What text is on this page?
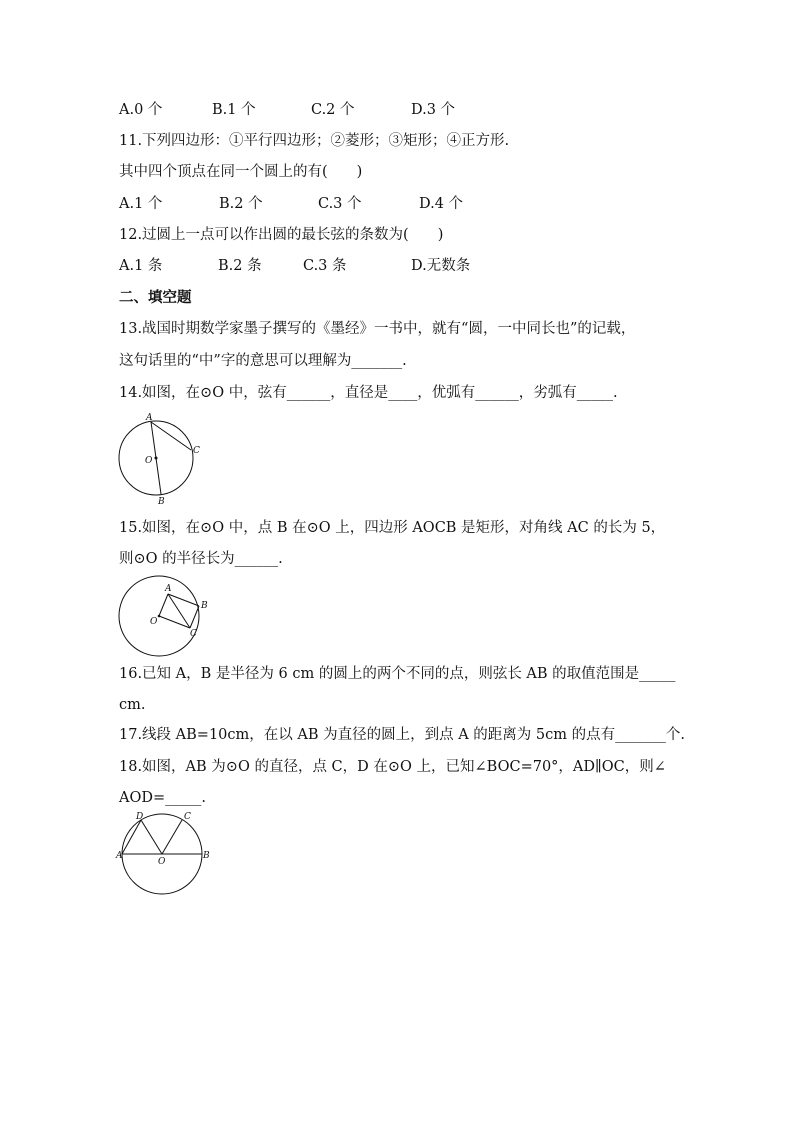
A.0 个	B.1 个	C.2 个	D.3 个
11.下列四边形：①平行四边形；②菱形；③矩形；④正方形.
其中四个顶点在同一个圆上的有(　　)
A.1 个	B.2 个	C.3 个	D.4 个
12.过圆上一点可以作出圆的最长弦的条数为(　　)
A.1 条	B.2 条	C.3 条	D.无数条
二、填空题
13.战国时期数学家墨子撰写的《墨经》一书中，就有“圆，一中同长也”的记载，
这句话里的“中”字的意思可以理解为_______.
14.如图，在⊙O 中，弦有______，直径是____，优弧有______，劣弧有_____.
A
C
O
B
15.如图，在⊙O 中，点 B 在⊙O 上，四边形 AOCB 是矩形，对角线 AC 的长为 5，
则⊙O 的半径长为______.
A
B
O
C
16.已知 A，B 是半径为 6 cm 的圆上的两个不同的点，则弦长 AB 的取值范围是_____
cm.
17.线段 AB=10cm，在以 AB 为直径的圆上，到点 A 的距离为 5cm 的点有_______个.
18.如图，AB 为⊙O 的直径，点 C，D 在⊙O 上，已知∠BOC=70°，AD∥OC，则∠
AOD=_____.
D	C
A
O
B
